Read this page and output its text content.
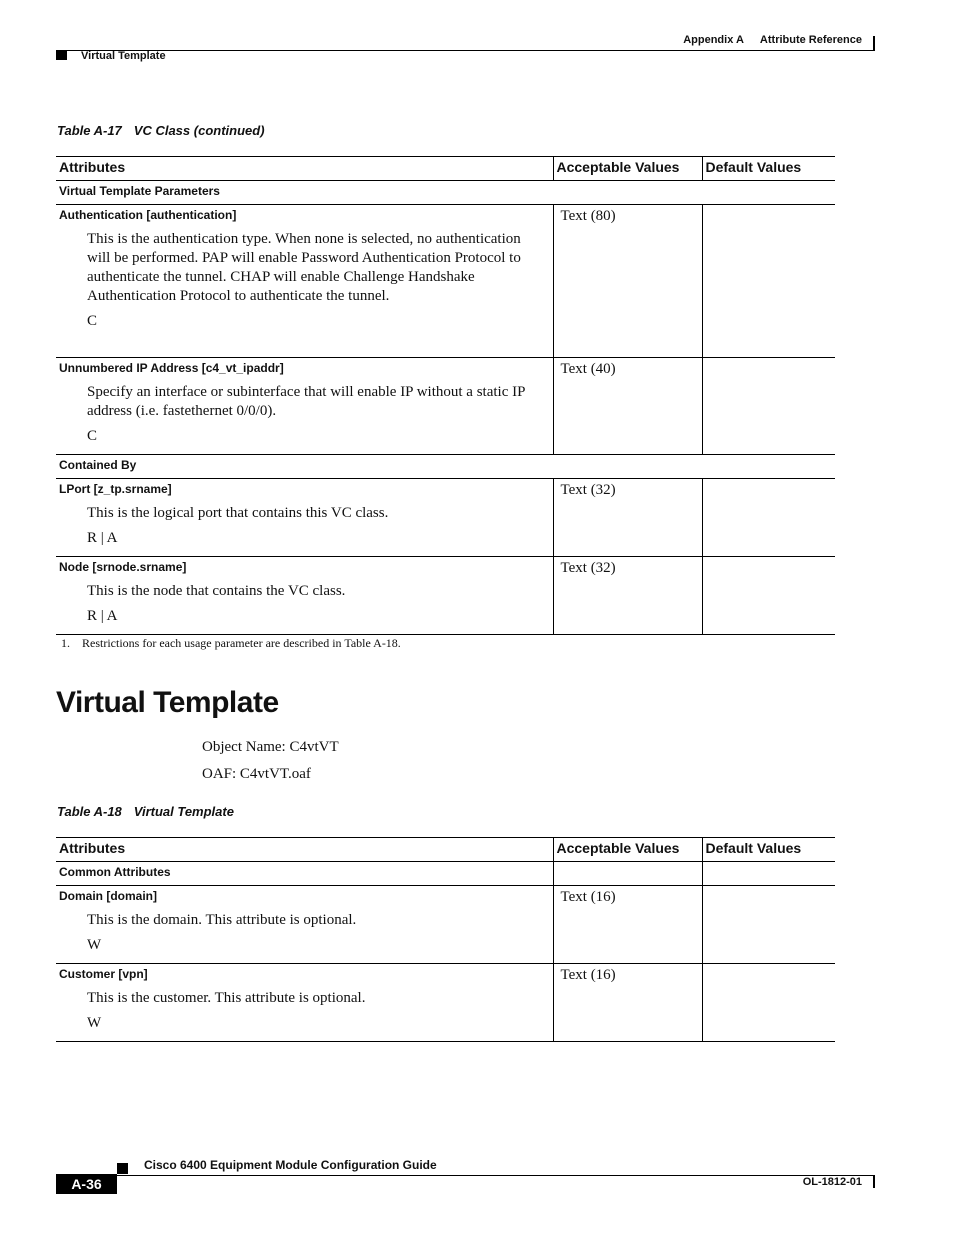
Appendix A Attribute Reference
Virtual Template
Table A-17 VC Class (continued)
Attributes	Acceptable Values	Default Values
Virtual Template Parameters		

Authentication [authentication]
This is the authentication type. When none is selected, no authentication will be performed. PAP will enable Password Authentication Protocol to authenticate the tunnel. CHAP will enable Challenge Handshake Authentication Protocol to authenticate the tunnel.
C	Text (80)	

Unnumbered IP Address [c4_vt_ipaddr]
Specify an interface or subinterface that will enable IP without a static IP address (i.e. fastethernet 0/0/0).
C	Text (40)	

Contained By		

LPort [z_tp.srname]
This is the logical port that contains this VC class.
R | A	Text (32)	

Node [srnode.srname]
This is the node that contains the VC class.
R | A	Text (32)	

1. Restrictions for each usage parameter are described in Table A-18.
Virtual Template
Object Name: C4vtVT
OAF: C4vtVT.oaf
Table A-18 Virtual Template
Attributes	Acceptable Values	Default Values
Common Attributes		

Domain [domain]
This is the domain. This attribute is optional.
W	Text (16)	

Customer [vpn]
This is the customer. This attribute is optional.
W	Text (16)	

Cisco 6400 Equipment Module Configuration Guide
A-36	OL-1812-01
